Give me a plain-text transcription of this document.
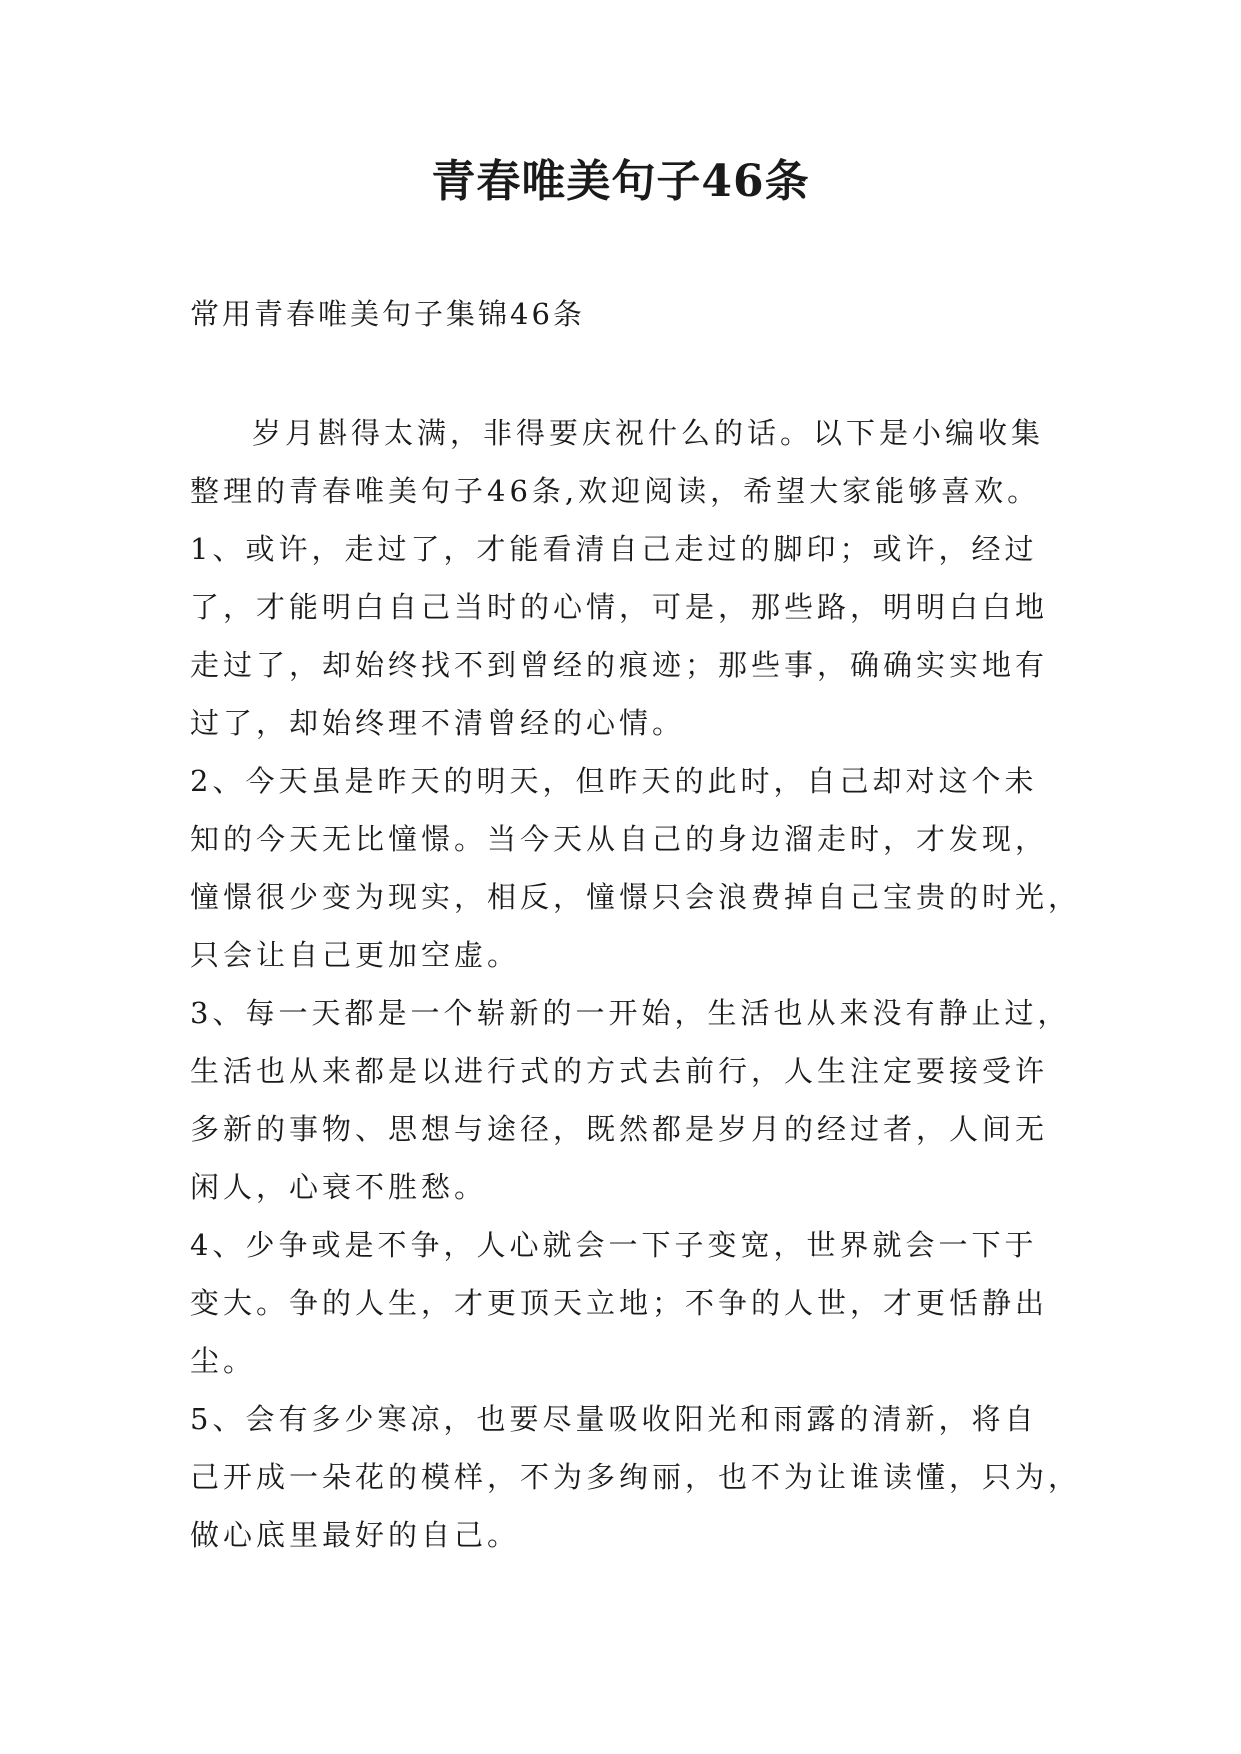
青春唯美句子46条

常用青春唯美句子集锦46条

岁月斟得太满，非得要庆祝什么的话。以下是小编收集
整理的青春唯美句子46条,欢迎阅读，希望大家能够喜欢。
1、或许，走过了，才能看清自己走过的脚印；或许，经过
了，才能明白自己当时的心情，可是，那些路，明明白白地
走过了，却始终找不到曾经的痕迹；那些事，确确实实地有
过了，却始终理不清曾经的心情。
2、今天虽是昨天的明天，但昨天的此时，自己却对这个未
知的今天无比憧憬。当今天从自己的身边溜走时，才发现，
憧憬很少变为现实，相反，憧憬只会浪费掉自己宝贵的时光，
只会让自己更加空虚。
3、每一天都是一个崭新的一开始，生活也从来没有静止过，
生活也从来都是以进行式的方式去前行，人生注定要接受许
多新的事物、思想与途径，既然都是岁月的经过者，人间无
闲人，心衰不胜愁。
4、少争或是不争，人心就会一下子变宽，世界就会一下于
变大。争的人生，才更顶天立地；不争的人世，才更恬静出
尘。
5、会有多少寒凉，也要尽量吸收阳光和雨露的清新，将自
己开成一朵花的模样，不为多绚丽，也不为让谁读懂，只为，
做心底里最好的自己。
